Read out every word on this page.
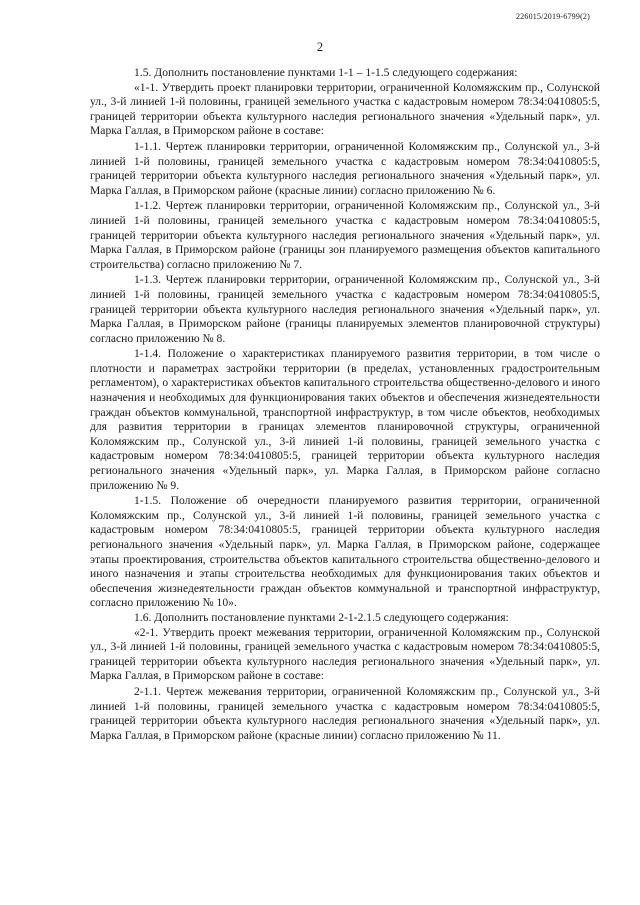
226015/2019-6799(2)
2

1.5. Дополнить постановление пунктами 1-1 – 1-1.5 следующего содержания:

«1-1. Утвердить проект планировки территории, ограниченной Коломяжским пр., Солунской ул., 3-й линией 1-й половины, границей земельного участка с кадастровым номером 78:34:0410805:5, границей территории объекта культурного наследия регионального значения «Удельный парк», ул. Марка Галлая, в Приморском районе в составе:

1-1.1. Чертеж планировки территории, ограниченной Коломяжским пр., Солунской ул., 3-й линией 1-й половины, границей земельного участка с кадастровым номером 78:34:0410805:5, границей территории объекта культурного наследия регионального значения «Удельный парк», ул. Марка Галлая, в Приморском районе (красные линии) согласно приложению № 6.

1-1.2. Чертеж планировки территории, ограниченной Коломяжским пр., Солунской ул., 3-й линией 1-й половины, границей земельного участка с кадастровым номером 78:34:0410805:5, границей территории объекта культурного наследия регионального значения «Удельный парк», ул. Марка Галлая, в Приморском районе (границы зон планируемого размещения объектов капитального строительства) согласно приложению № 7.

1-1.3. Чертеж планировки территории, ограниченной Коломяжским пр., Солунской ул., 3-й линией 1-й половины, границей земельного участка с кадастровым номером 78:34:0410805:5, границей территории объекта культурного наследия регионального значения «Удельный парк», ул. Марка Галлая, в Приморском районе (границы планируемых элементов планировочной структуры) согласно приложению № 8.

1-1.4. Положение о характеристиках планируемого развития территории, в том числе о плотности и параметрах застройки территории (в пределах, установленных градостроительным регламентом), о характеристиках объектов капитального строительства общественно-делового и иного назначения и необходимых для функционирования таких объектов и обеспечения жизнедеятельности граждан объектов коммунальной, транспортной инфраструктур, в том числе объектов, необходимых для развития территории в границах элементов планировочной структуры, ограниченной Коломяжским пр., Солунской ул., 3-й линией 1-й половины, границей земельного участка с кадастровым номером 78:34:0410805:5, границей территории объекта культурного наследия регионального значения «Удельный парк», ул. Марка Галлая, в Приморском районе согласно приложению № 9.

1-1.5. Положение об очередности планируемого развития территории, ограниченной Коломяжским пр., Солунской ул., 3-й линией 1-й половины, границей земельного участка с кадастровым номером 78:34:0410805:5, границей территории объекта культурного наследия регионального значения «Удельный парк», ул. Марка Галлая, в Приморском районе, содержащее этапы проектирования, строительства объектов капитального строительства общественно-делового и иного назначения и этапы строительства необходимых для функционирования таких объектов и обеспечения жизнедеятельности граждан объектов коммунальной и транспортной инфраструктур, согласно приложению № 10».

1.6. Дополнить постановление пунктами 2-1-2.1.5 следующего содержания:

«2-1. Утвердить проект межевания территории, ограниченной Коломяжским пр., Солунской ул., 3-й линией 1-й половины, границей земельного участка с кадастровым номером 78:34:0410805:5, границей территории объекта культурного наследия регионального значения «Удельный парк», ул. Марка Галлая, в Приморском районе в составе:

2-1.1. Чертеж межевания территории, ограниченной Коломяжским пр., Солунской ул., 3-й линией 1-й половины, границей земельного участка с кадастровым номером 78:34:0410805:5, границей территории объекта культурного наследия регионального значения «Удельный парк», ул. Марка Галлая, в Приморском районе (красные линии) согласно приложению № 11.
